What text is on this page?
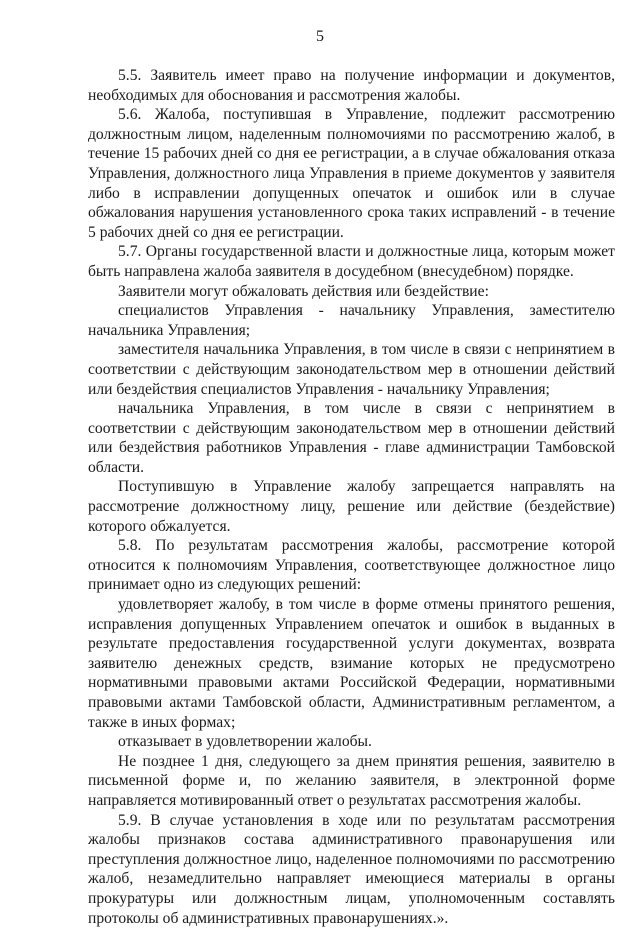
5

5.5. Заявитель имеет право на получение информации и документов, необходимых для обоснования и рассмотрения жалобы.

5.6. Жалоба, поступившая в Управление, подлежит рассмотрению должностным лицом, наделенным полномочиями по рассмотрению жалоб, в течение 15 рабочих дней со дня ее регистрации, а в случае обжалования отказа Управления, должностного лица Управления в приеме документов у заявителя либо в исправлении допущенных опечаток и ошибок или в случае обжалования нарушения установленного срока таких исправлений - в течение 5 рабочих дней со дня ее регистрации.

5.7. Органы государственной власти и должностные лица, которым может быть направлена жалоба заявителя в досудебном (внесудебном) порядке.

Заявители могут обжаловать действия или бездействие:

специалистов Управления - начальнику Управления, заместителю начальника Управления;

заместителя начальника Управления, в том числе в связи с непринятием в соответствии с действующим законодательством мер в отношении действий или бездействия специалистов Управления - начальнику Управления;

начальника Управления, в том числе в связи с непринятием в соответствии с действующим законодательством мер в отношении действий или бездействия работников Управления - главе администрации Тамбовской области.

Поступившую в Управление жалобу запрещается направлять на рассмотрение должностному лицу, решение или действие (бездействие) которого обжалуется.

5.8. По результатам рассмотрения жалобы, рассмотрение которой относится к полномочиям Управления, соответствующее должностное лицо принимает одно из следующих решений:

удовлетворяет жалобу, в том числе в форме отмены принятого решения, исправления допущенных Управлением опечаток и ошибок в выданных в результате предоставления государственной услуги документах, возврата заявителю денежных средств, взимание которых не предусмотрено нормативными правовыми актами Российской Федерации, нормативными правовыми актами Тамбовской области, Административным регламентом, а также в иных формах;

отказывает в удовлетворении жалобы.

Не позднее 1 дня, следующего за днем принятия решения, заявителю в письменной форме и, по желанию заявителя, в электронной форме направляется мотивированный ответ о результатах рассмотрения жалобы.

5.9. В случае установления в ходе или по результатам рассмотрения жалобы признаков состава административного правонарушения или преступления должностное лицо, наделенное полномочиями по рассмотрению жалоб, незамедлительно направляет имеющиеся материалы в органы прокуратуры или должностным лицам, уполномоченным составлять протоколы об административных правонарушениях.».
